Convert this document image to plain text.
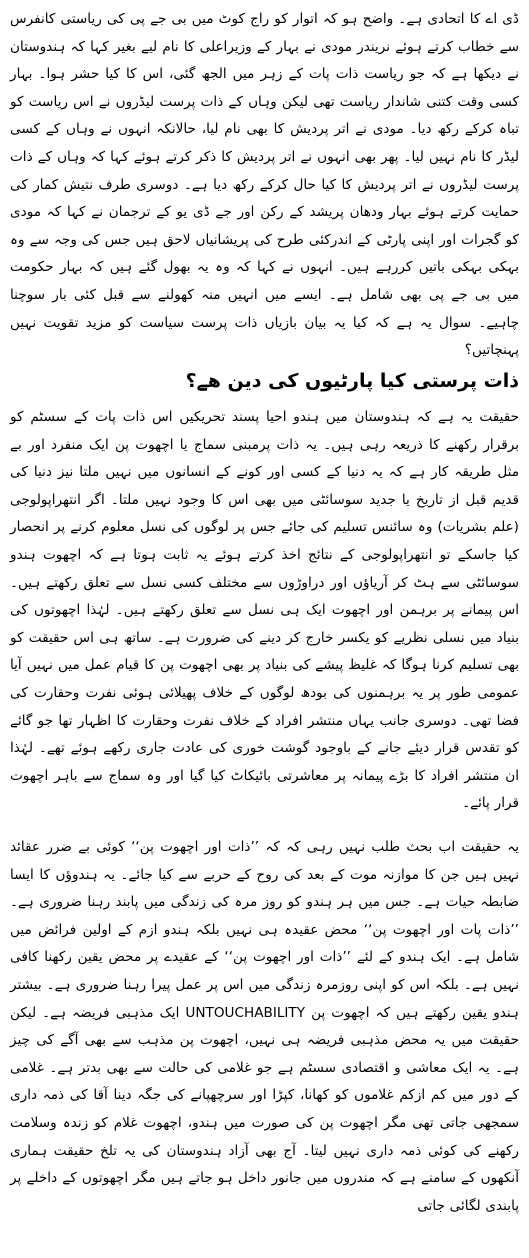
ڈی اے کا اتحادی ہے۔ واضح ہو کہ اتوار کو راج کوٹ میں بی جے پی کی ریاستی کانفرس سے خطاب کرتے ہوئے نریندر مودی نے بہار کے وزیراعلی کا نام لیے بغیر کہا کہ ہندوستان نے دیکھا ہے کہ جو ریاست ذات پات کے زہر میں الجھ گئی، اس کا کیا حشر ہوا۔ بہار کسی وقت کتنی شاندار ریاست تھی لیکن وہاں کے ذات پرست لیڈروں نے اس ریاست کو تباہ کرکے رکھ دیا۔ مودی نے اتر پردیش کا بھی نام لیا، حالانکہ انہوں نے وہاں کے کسی لیڈر کا نام نہیں لیا۔ پھر بھی انہوں نے اتر پردیش کا ذکر کرتے ہوئے کہا کہ وہاں کے ذات پرست لیڈروں نے اتر پردیش کا کیا حال کرکے رکھ دیا ہے۔ دوسری طرف نتیش کمار کی حمایت کرتے ہوئے بہار ودھان پریشد کے رکن اور جے ڈی یو کے ترجمان نے کہا کہ مودی کو گجرات اور اپنی پارٹی کے اندرکئی طرح کی پریشانیاں لاحق ہیں جس کی وجہ سے وہ بہکی بہکی باتیں کررہے ہیں۔ انہوں نے کہا کہ وہ یہ بھول گئے ہیں کہ بہار حکومت میں بی جے پی بھی شامل ہے۔ ایسے میں انہیں منہ کھولنے سے قبل کئی بار سوچنا چاہیے۔ سوال یہ ہے کہ کیا یہ بیان بازیاں ذات پرست سیاست کو مزید تقویت نہیں پہنچاتیں؟

ذات پرستی کیا پارٹیوں کی دین ھے؟

حقیقت یہ ہے کہ ہندوستان میں ہندو احیا پسند تحریکیں اس ذات پات کے سسٹم کو برقرار رکھنے کا ذریعہ رہی ہیں۔ یہ ذات پرمبنی سماج یا اچھوت پن ایک منفرد اور بے مثل طریقہ کار ہے کہ یہ دنیا کے کسی اور کونے کے انسانوں میں نہیں ملتا نیز دنیا کی قدیم قبل از تاریخ یا جدید سوسائٹی میں بھی اس کا وجود نہیں ملتا۔ اگر انتھراپولوجی (علم بشریات) وہ سائنس تسلیم کی جائے جس پر لوگوں کی نسل معلوم کرنے پر انحصار کیا جاسکے تو انتھراپولوجی کے نتائج اخذ کرتے ہوئے یہ ثابت ہوتا ہے کہ اچھوت ہندو سوسائٹی سے ہٹ کر آریاؤں اور دراوڑوں سے مختلف کسی نسل سے تعلق رکھتے ہیں۔ اس پیمانے پر برہمن اور اچھوت ایک ہی نسل سے تعلق رکھتے ہیں۔ لہٰذا اچھوتوں کی بنیاد میں نسلی نظریے کو یکسر خارج کر دینے کی ضرورت ہے۔ ساتھ ہی اس حقیقت کو بھی تسلیم کرنا ہوگا کہ غلیظ پیشے کی بنیاد پر بھی اچھوت پن کا قیام عمل میں نہیں آیا عمومی طور پر یہ برہمنوں کی بودھ لوگوں کے خلاف پھیلائی ہوئی نفرت وحقارت کی فضا تھی۔ دوسری جانب یہاں منتشر افراد کے خلاف نفرت وحقارت کا اظہار تھا جو گائے کو تقدس قرار دیئے جانے کے باوجود گوشت خوری کی عادت جاری رکھے ہوئے تھے۔ لہٰذا ان منتشر افراد کا بڑے پیمانہ پر معاشرتی بائیکاٹ کیا گیا اور وہ سماج سے باہر اچھوت قرار پائے۔

یہ حقیقت اب بحث طلب نہیں رہی کہ کہ ’’ذات اور اچھوت پن‘‘ کوئی بے ضرر عقائد نہیں ہیں جن کا موازنہ موت کے بعد کی روح کے حربے سے کیا جائے۔ یہ ہندوؤں کا ایسا ضابطہ حیات ہے۔ جس میں ہر ہندو کو روز مرہ کی زندگی میں پابند رہنا ضروری ہے۔ ’’ذات پات اور اچھوت پن‘‘ محض عقیدہ ہی نہیں بلکہ ہندو ازم کے اولین فرائض میں شامل ہے۔ ایک ہندو کے لئے ’’ذات اور اچھوت پن‘‘ کے عقیدے پر محض یقین رکھنا کافی نہیں ہے۔ بلکہ اس کو اپنی روزمرہ زندگی میں اس پر عمل پیرا رہنا ضروری ہے۔ بیشتر ہندو یقین رکھتے ہیں کہ اچھوت پن UNTOUCHABILITY ایک مذہبی فریضہ ہے۔ لیکن حقیقت میں یہ محض مذہبی فریضہ ہی نہیں، اچھوت پن مذہب سے بھی آگے کی چیز ہے۔ یہ ایک معاشی و اقتصادی سسٹم ہے جو غلامی کی حالت سے بھی بدتر ہے۔ غلامی کے دور میں کم ازکم غلاموں کو کھانا، کپڑا اور سرچھپانے کی جگہ دینا آقا کی ذمہ داری سمجھی جاتی تھی مگر اچھوت پن کی صورت میں ہندو، اچھوت غلام کو زندہ وسلامت رکھنے کی کوئی ذمہ داری نہیں لیتا۔ آج بھی آزاد ہندوستان کی یہ تلخ حقیقت ہماری آنکھوں کے سامنے ہے کہ مندروں میں جانور داخل ہو جاتے ہیں مگر اچھوتوں کے داخلے پر پابندی لگائی جاتی
